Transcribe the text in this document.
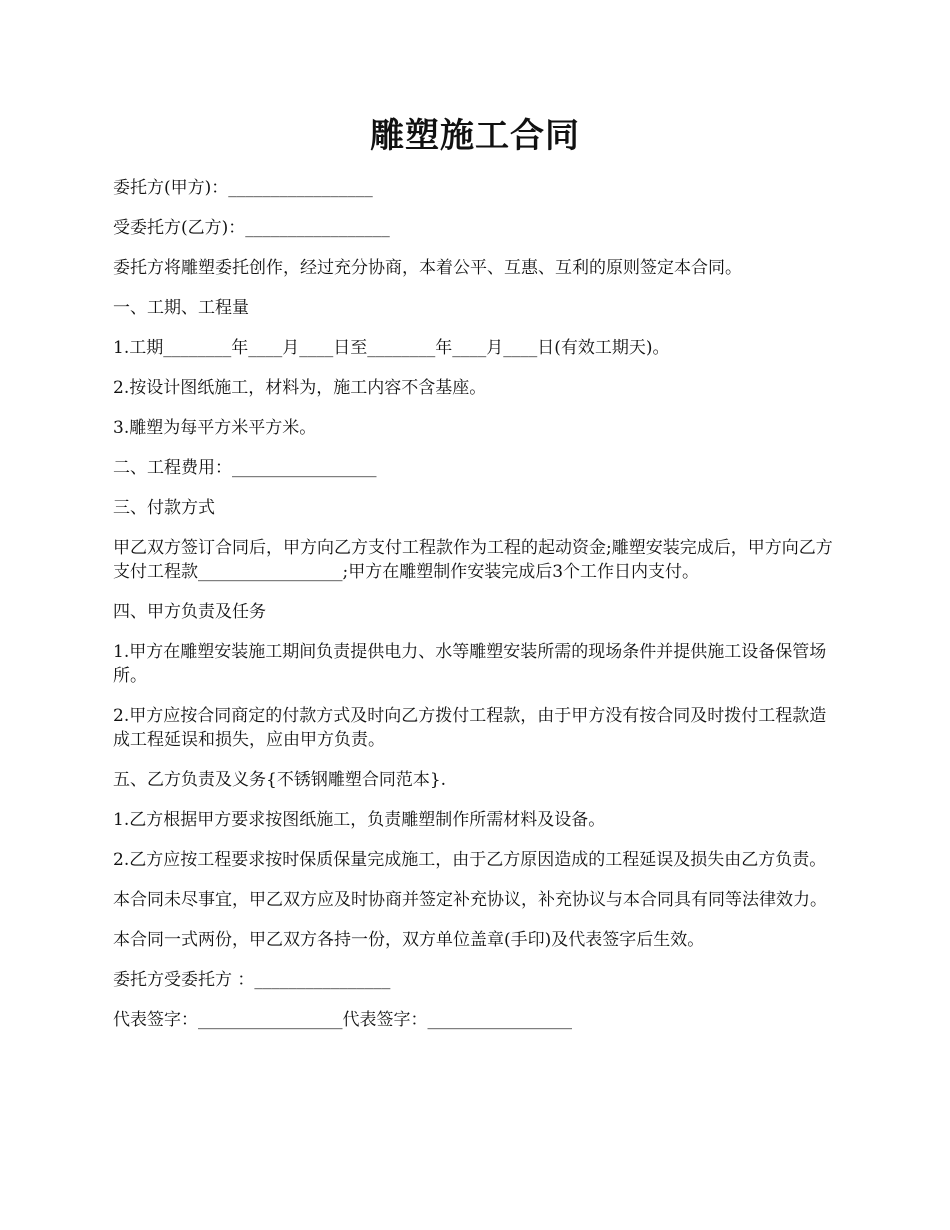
雕塑施工合同

委托方(甲方)：_________________

受委托方(乙方)：_________________

委托方将雕塑委托创作，经过充分协商，本着公平、互惠、互利的原则签定本合同。

一、工期、工程量

1.工期________年____月____日至________年____月____日(有效工期天)。

2.按设计图纸施工，材料为，施工内容不含基座。

3.雕塑为每平方米平方米。

二、工程费用：_________________

三、付款方式

甲乙双方签订合同后，甲方向乙方支付工程款作为工程的起动资金;雕塑安装完成后，甲方向乙方支付工程款_________________;甲方在雕塑制作安装完成后3个工作日内支付。

四、甲方负责及任务

1.甲方在雕塑安装施工期间负责提供电力、水等雕塑安装所需的现场条件并提供施工设备保管场所。

2.甲方应按合同商定的付款方式及时向乙方拨付工程款，由于甲方没有按合同及时拨付工程款造成工程延误和损失，应由甲方负责。

五、乙方负责及义务{不锈钢雕塑合同范本}.

1.乙方根据甲方要求按图纸施工，负责雕塑制作所需材料及设备。

2.乙方应按工程要求按时保质保量完成施工，由于乙方原因造成的工程延误及损失由乙方负责。

本合同未尽事宜，甲乙双方应及时协商并签定补充协议，补充协议与本合同具有同等法律效力。

本合同一式两份，甲乙双方各持一份，双方单位盖章(手印)及代表签字后生效。

委托方受委托方 ：________________

代表签字：_________________代表签字：_________________
